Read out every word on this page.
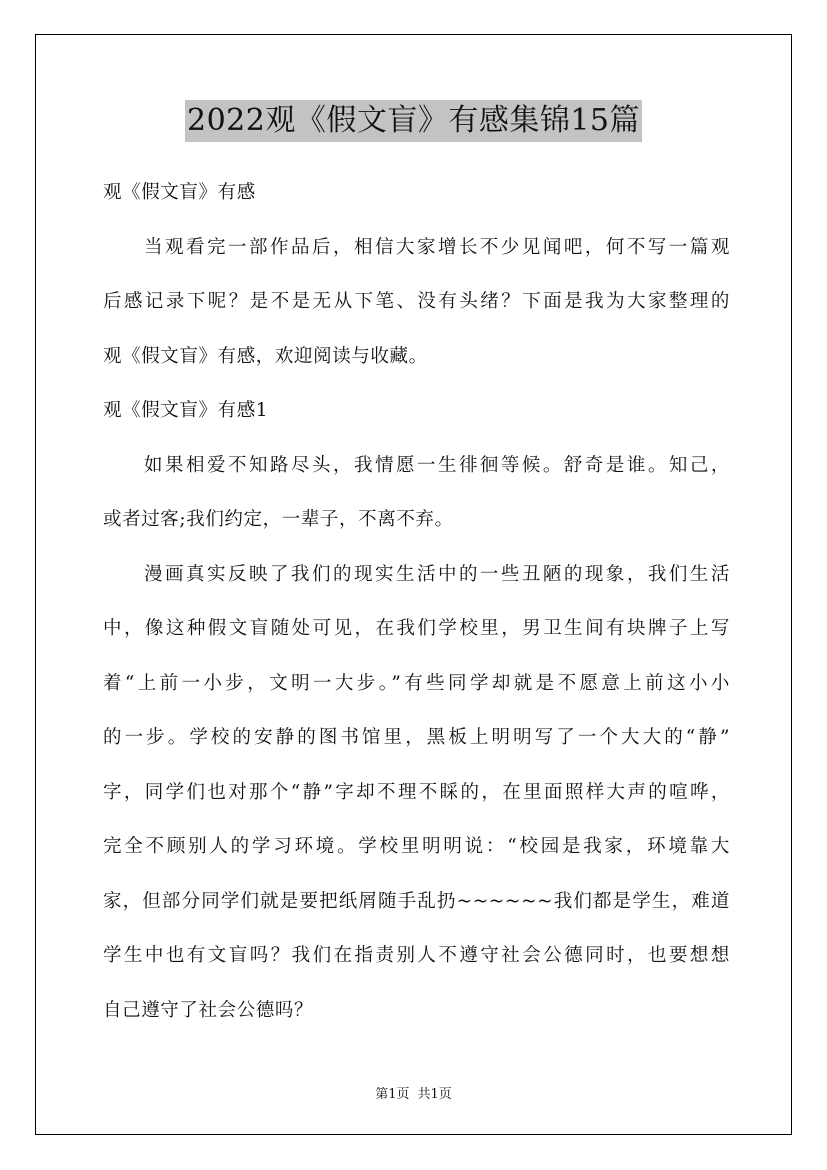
2022观《假文盲》有感集锦15篇
观《假文盲》有感
当观看完一部作品后，相信大家增长不少见闻吧，何不写一篇观
后感记录下呢？是不是无从下笔、没有头绪？下面是我为大家整理的
观《假文盲》有感，欢迎阅读与收藏。
观《假文盲》有感1
如果相爱不知路尽头，我情愿一生徘徊等候。舒奇是谁。知己，
或者过客;我们约定，一辈子，不离不弃。
漫画真实反映了我们的现实生活中的一些丑陋的现象，我们生活
中，像这种假文盲随处可见，在我们学校里，男卫生间有块牌子上写
着“上前一小步，文明一大步。”有些同学却就是不愿意上前这小小
的一步。学校的安静的图书馆里，黑板上明明写了一个大大的“静”
字，同学们也对那个“静”字却不理不睬的，在里面照样大声的喧哗，
完全不顾别人的学习环境。学校里明明说：“校园是我家，环境靠大
家，但部分同学们就是要把纸屑随手乱扔~~~~~~我们都是学生，难道
学生中也有文盲吗？我们在指责别人不遵守社会公德同时，也要想想
自己遵守了社会公德吗？
第1页 共1页
